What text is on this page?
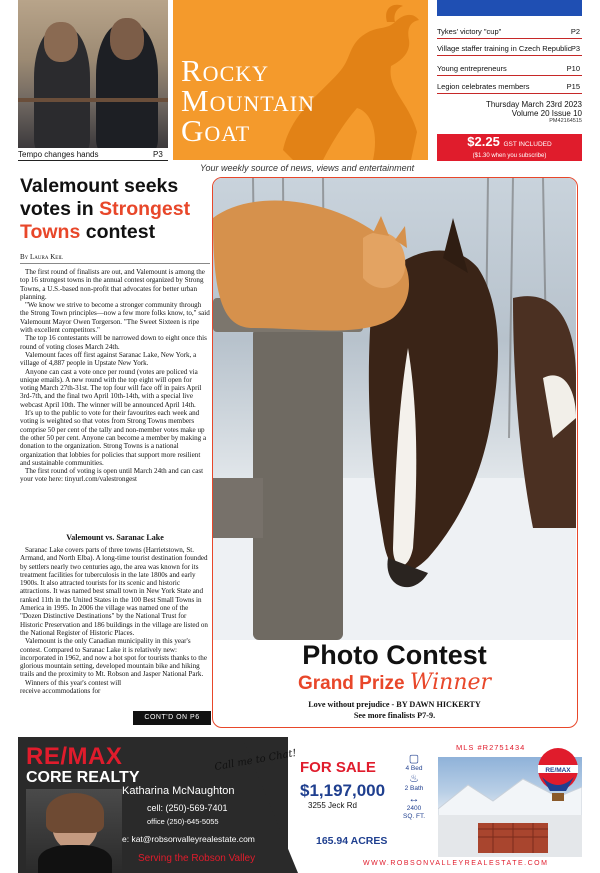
Tempo changes hands	P3
Rocky
Mountain
Goat
Your weekly source of news, views and entertainment
Tykes' victory "cup"	P2
Village staffer training in Czech Republic P3
Young entrepreneurs	P10
Legion celebrates members	P15
Thursday March 23rd 2023
Volume 20 Issue 10
PM42164515
$2.25 GST INCLUDED
($1.30 when you subscribe)
Valemount seeks votes in Strongest Towns contest
By Laura Keil

The first round of finalists are out, and Valemount is among the top 16 strongest towns in the annual contest organized by Strong Towns, a U.S.-based non-profit that advocates for better urban planning.

"We know we strive to become a stronger community through the Strong Town principles—now a few more folks know, to," said Valemount Mayor Owen Torgerson. "The Sweet Sixteen is ripe with excellent competitors."

The top 16 contestants will be narrowed down to eight once this round of voting closes March 24th.

Valemount faces off first against Saranac Lake, New York, a village of 4,887 people in Upstate New York.

Anyone can cast a vote once per round (votes are policed via unique emails). A new round with the top eight will open for voting March 27th-31st. The top four will face off in pairs April 3rd-7th, and the final two April 10th-14th, with a special live webcast April 10th. The winner will be announced April 14th.

It's up to the public to vote for their favourites each week and voting is weighted so that votes from Strong Towns members comprise 50 per cent of the tally and non-member votes make up the other 50 per cent. Anyone can become a member by making a donation to the organization. Strong Towns is a national organization that lobbies for policies that support more resilient and sustainable communities.

The first round of voting is open until March 24th and can cast your vote here: tinyurl.com/valestrongest

Valemount vs. Saranac Lake

Saranac Lake covers parts of three towns (Harrietstown, St. Armand, and North Elba). A long-time tourist destination founded by settlers nearly two centuries ago, the area was known for its treatment facilities for tuberculosis in the late 1800s and early 1900s. It also attracted tourists for its scenic and historic attractions. It was named best small town in New York State and ranked 11th in the United States in the 100 Best Small Towns in America in 1995. In 2006 the village was named one of the "Dozen Distinctive Destinations" by the National Trust for Historic Preservation and 186 buildings in the village are listed on the National Register of Historic Places.

Valemount is the only Canadian municipality in this year's contest. Compared to Saranac Lake it is relatively new: incorporated in 1962, and now a hot spot for tourists thanks to the glorious mountain setting, developed mountain bike and hiking trails and the proximity to Mt. Robson and Jasper National Park.

Winners of this year's contest will receive accommodations for

CONT'D ON P6
Photo Contest
Grand Prize Winner
Love without prejudice - BY DAWN HICKERTY
See more finalists P7-9.
RE/MAX
CORE REALTY
Call me to Chat!
Katharina McNaughton
cell: (250)-569-7401
office (250)-645-5055
e: kat@robsonvalleyrealestate.com
Serving the Robson Valley
FOR SALE
$1,197,000
3255 Jeck Rd
165.94 ACRES
▢
4 Bed
♨
2 Bath
↔
2400
SQ. FT.
MLS #R2751434
RE/MAX
WWW.ROBSONVALLEYREALESTATE.COM
